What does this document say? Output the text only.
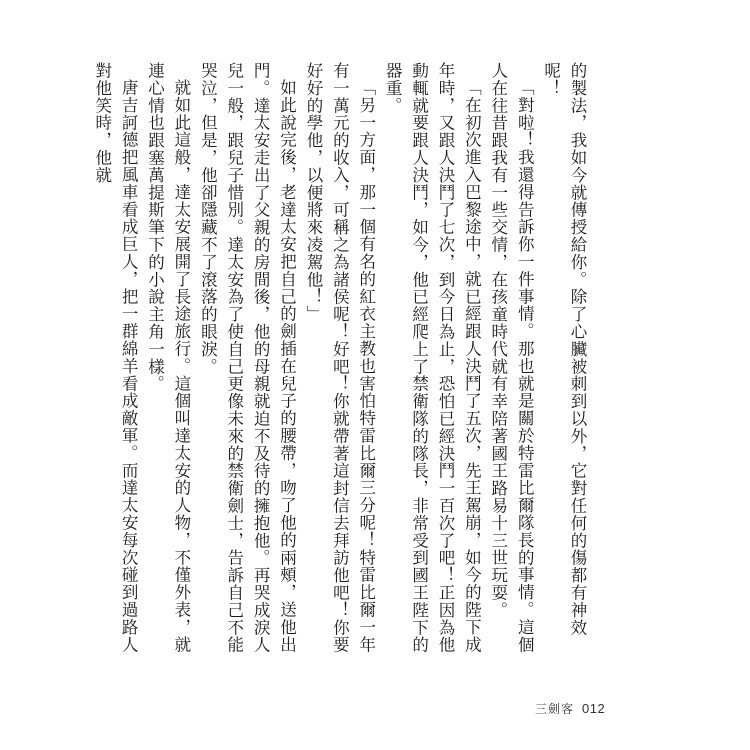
的製法，我如今就傳授給你。除了心臟被刺到以外，它對任何的傷都有神效呢！

「對啦！我還得告訴你一件事情。那也就是關於特雷比爾隊長的事情。這個人在往昔跟我有一些交情，在孩童時代就有幸陪著國王路易十三世玩耍。

「在初次進入巴黎途中，就已經跟人決鬥了五次，先王駕崩，如今的陛下成年時，又跟人決鬥了七次，到今日為止，恐怕已經決鬥一百次了吧！正因為他動輒就要跟人決鬥，如今，他已經爬上了禁衛隊的隊長，非常受到國王陛下的器重。

「另一方面，那一個有名的紅衣主教也害怕特雷比爾三分呢！特雷比爾一年有一萬元的收入，可稱之為諸侯呢！好吧！你就帶著這封信去拜訪他吧！你要好好的學他，以便將來凌駕他！」

如此說完後，老達太安把自己的劍插在兒子的腰帶，吻了他的兩頰，送他出門。達太安走出了父親的房間後，他的母親就迫不及待的擁抱他。再哭成淚人兒一般，跟兒子惜別。達太安為了使自己更像未來的禁衛劍士，告訴自己不能哭泣，但是，他卻隱藏不了滾落的眼淚。

就如此這般，達太安展開了長途旅行。這個叫達太安的人物，不僅外表，就連心情也跟塞萬提斯筆下的小說主角一樣。

唐吉訶德把風車看成巨人，把一群綿羊看成敵軍。而達太安每次碰到過路人對他笑時，他就

三劍客 012
